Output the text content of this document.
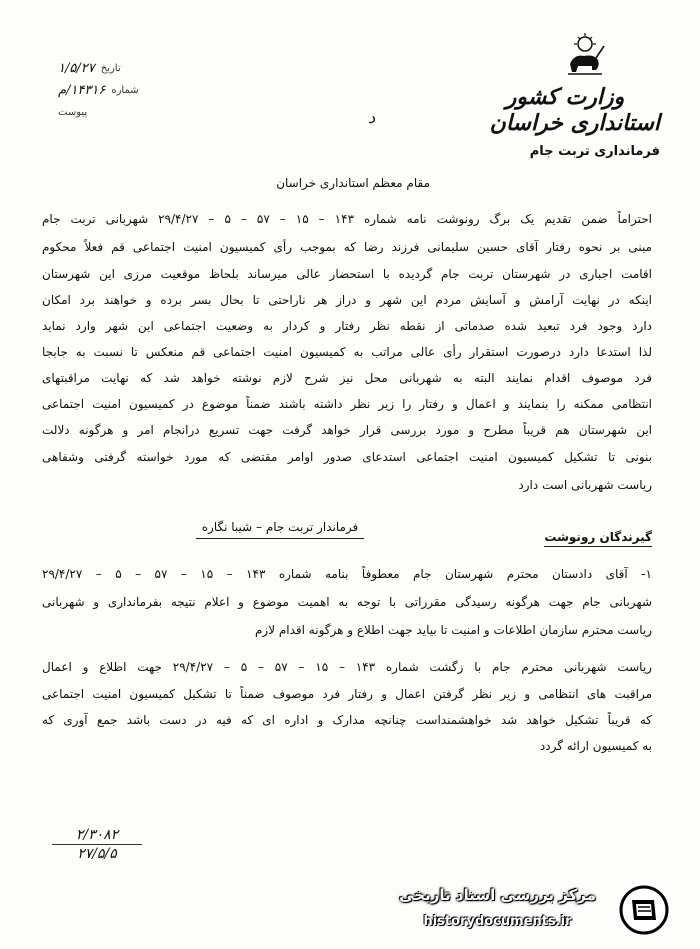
تاریخ
۱/۵/۲۷
شماره
۱۴۳۱۶/م
پیوست
وزارت کشور
استانداری خراسان
فرمانداری تربت جام
د
مقام معظم استانداری خراسان
احتراماً ضمن تقدیم یک برگ رونوشت نامه شماره ۱۴۳ – ۱۵ – ۵۷ – ۵ – ۲۹/۴/۲۷ شهربانی تربت جام
مبنی بر نحوه رفتار آقای حسین سلیمانی فرزند رضا که بموجب رأی کمیسیون امنیت اجتماعی قم فعلاً محکوم
اقامت اجباری در شهرستان تربت جام گردیده با استحضار عالی میرساند بلحاظ موقعیت مرزی این شهرستان
اینکه در نهایت آرامش و آسایش مردم این شهر و دراز هر ناراحتی تا بحال بسر برده و خواهند برد امکان
دارد وجود فرد تبعید شده صدماتی از نقطه نظر رفتار و کردار به وضعیت اجتماعی این شهر وارد نماید
لذا استدعا دارد درصورت استقرار رأی عالی مراتب به کمیسیون امنیت اجتماعی قم منعکس تا نسبت به جابجا
فرد موصوف اقدام نمایند البته به شهربانی محل نیز شرح لازم نوشته خواهد شد که نهایت مراقبتهای
انتظامی ممکنه را بنمایند و اعمال و رفتار را زیر نظر داشته باشند ضمناً موضوع در کمیسیون امنیت اجتماعی
این شهرستان هم قریباً مطرح و مورد بررسی قرار خواهد گرفت جهت تسریع درانجام امر و هرگونه دلالت
بنونی تا تشکیل کمیسیون امنیت اجتماعی استدعای صدور اوامر مقتضی که مورد خواسته گرفتی وشفاهی
ریاست شهربانی است دارد
فرماندار تربت جام – شیبا نگاره
گیرندگان رونوشت
۱- آقای دادستان محترم شهرستان جام معطوفاً بنامه شماره ۱۴۳ – ۱۵ – ۵۷ – ۵ – ۲۹/۴/۲۷
شهربانی جام جهت هرگونه رسیدگی مقرراتی با توجه به اهمیت موضوع و اعلام نتیجه بفرمانداری و شهربانی
ریاست محترم سازمان اطلاعات و امنیت تا بیاید جهت اطلاع و هرگونه اقدام لازم
ریاست شهربانی محترم جام با زگشت شماره ۱۴۳ – ۱۵ – ۵۷ – ۵ – ۲۹/۴/۲۷ جهت اطلاع و اعمال
مراقبت های انتظامی و زیر نظر گرفتن اعمال و رفتار فرد موصوف ضمناً تا تشکیل کمیسیون امنیت اجتماعی
که قریباً تشکیل خواهد شد خواهشمنداست چنانچه مدارک و اداره ای که فیه در دست باشد جمع آوری که
به کمیسیون ارائه گردد
۲/۳۰۸۲
۲۷/۵/۵
مرکز بررسی اسناد تاریخی
historydocuments.ir
